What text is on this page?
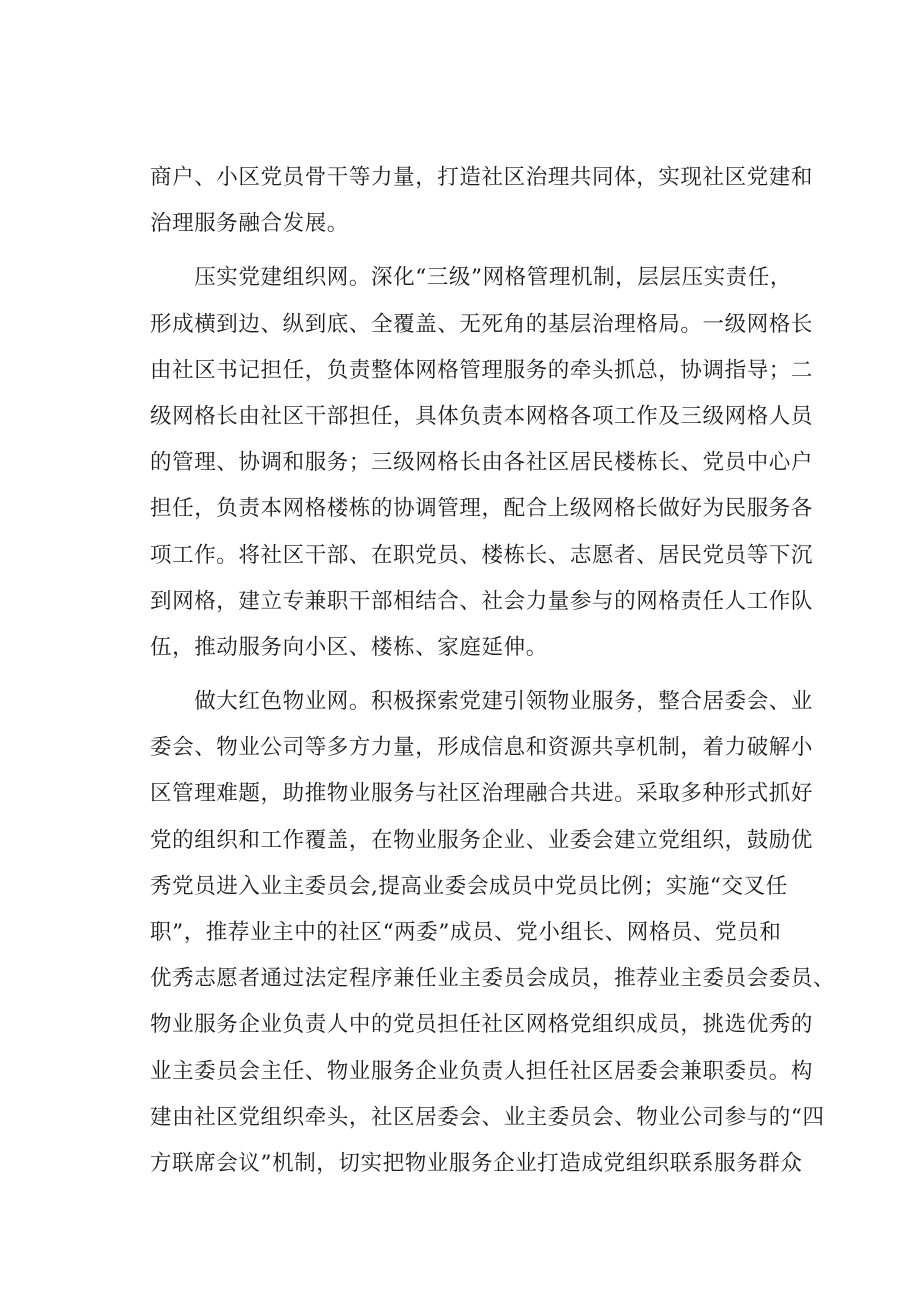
商户、小区党员骨干等力量，打造社区治理共同体，实现社区党建和
治理服务融合发展。
　　压实党建组织网。深化“三级”网格管理机制，层层压实责任，
形成横到边、纵到底、全覆盖、无死角的基层治理格局。一级网格长
由社区书记担任，负责整体网格管理服务的牵头抓总，协调指导；二
级网格长由社区干部担任，具体负责本网格各项工作及三级网格人员
的管理、协调和服务；三级网格长由各社区居民楼栋长、党员中心户
担任，负责本网格楼栋的协调管理，配合上级网格长做好为民服务各
项工作。将社区干部、在职党员、楼栋长、志愿者、居民党员等下沉
到网格，建立专兼职干部相结合、社会力量参与的网格责任人工作队
伍，推动服务向小区、楼栋、家庭延伸。
　　做大红色物业网。积极探索党建引领物业服务，整合居委会、业
委会、物业公司等多方力量，形成信息和资源共享机制，着力破解小
区管理难题，助推物业服务与社区治理融合共进。采取多种形式抓好
党的组织和工作覆盖，在物业服务企业、业委会建立党组织，鼓励优
秀党员进入业主委员会,提高业委会成员中党员比例；实施“交叉任
职”，推荐业主中的社区“两委”成员、党小组长、网格员、党员和
优秀志愿者通过法定程序兼任业主委员会成员，推荐业主委员会委员、
物业服务企业负责人中的党员担任社区网格党组织成员，挑选优秀的
业主委员会主任、物业服务企业负责人担任社区居委会兼职委员。构
建由社区党组织牵头，社区居委会、业主委员会、物业公司参与的“四
方联席会议”机制，切实把物业服务企业打造成党组织联系服务群众
